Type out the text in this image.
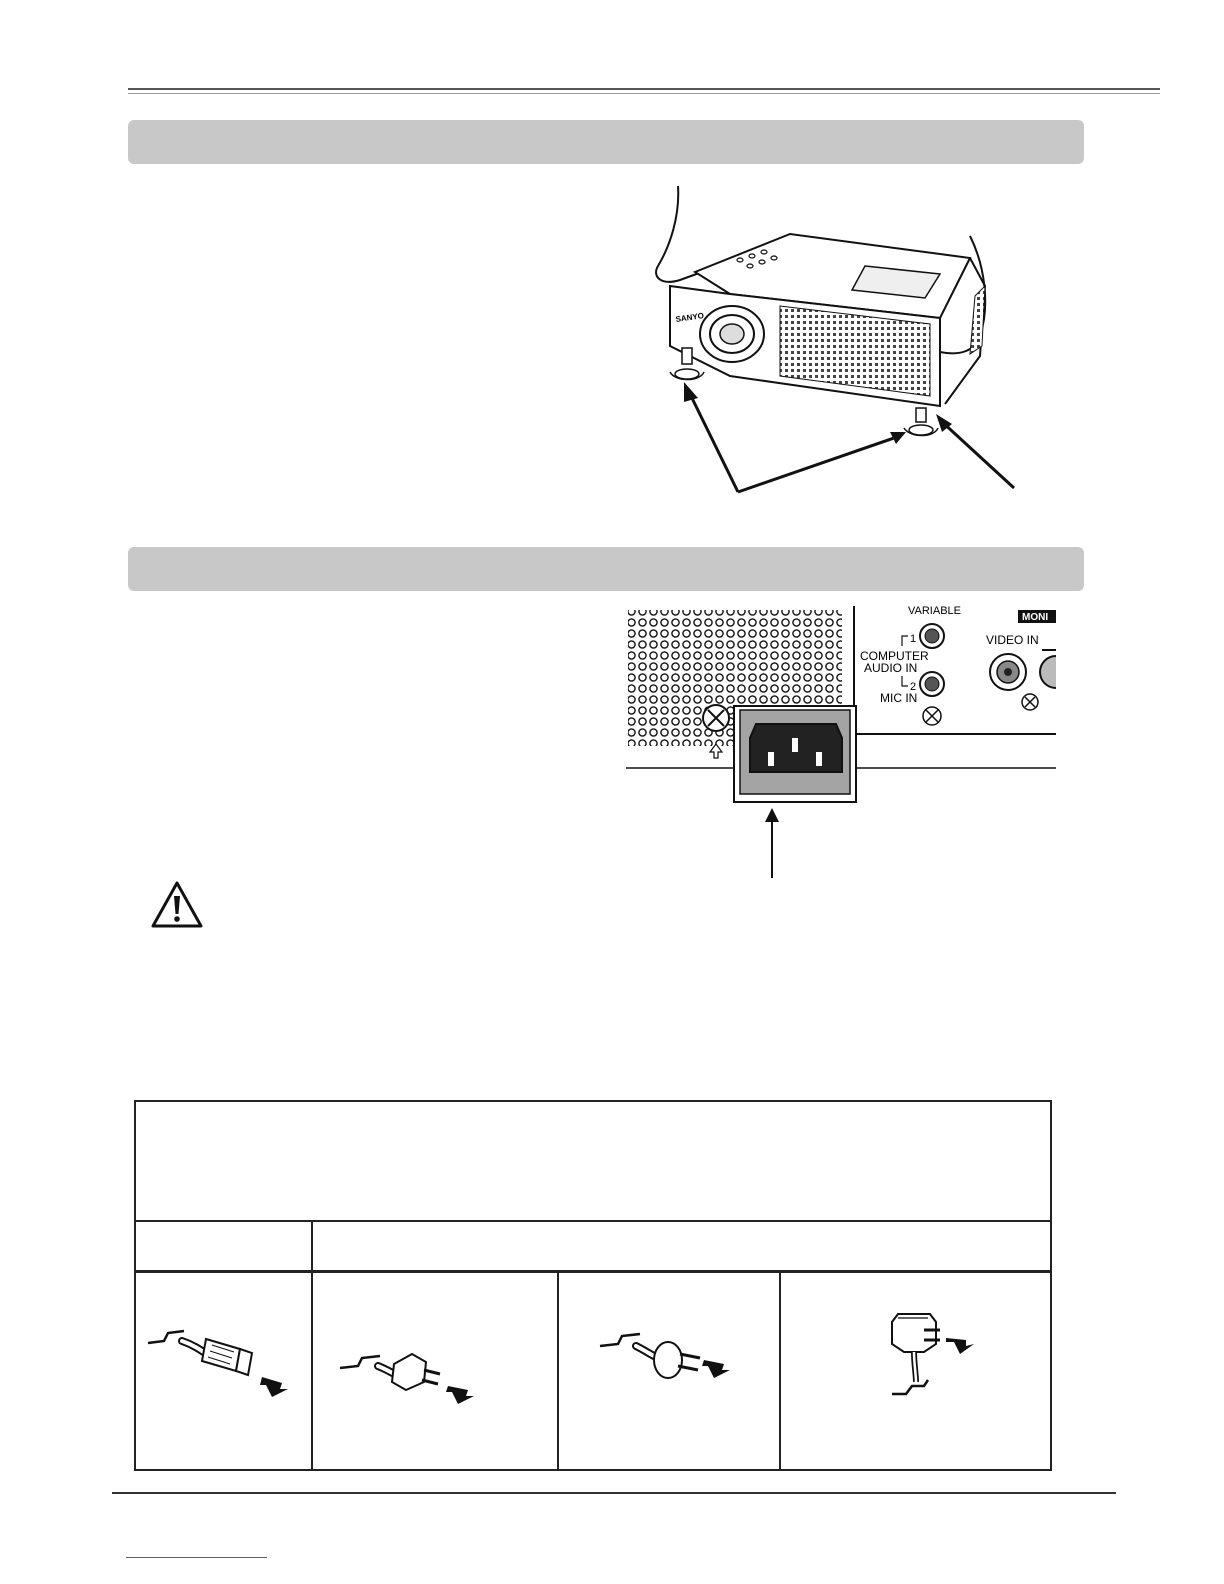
SANYO
VARIABLE
1
COMPUTER
AUDIO IN
2
MIC IN
MONI
VIDEO IN
